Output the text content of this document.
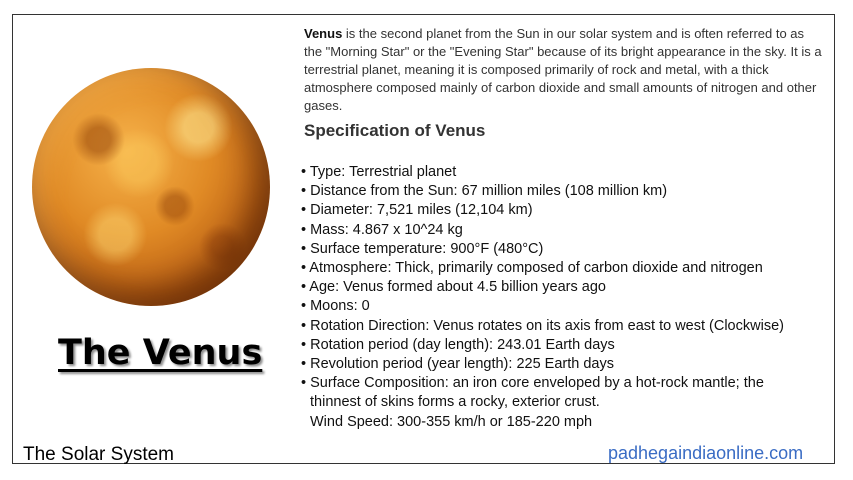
The Venus
Venus is the second planet from the Sun in our solar system and is often referred to as the "Morning Star" or the "Evening Star" because of its bright appearance in the sky. It is a terrestrial planet, meaning it is composed primarily of rock and metal, with a thick atmosphere composed mainly of carbon dioxide and small amounts of nitrogen and other gases.
Specification of Venus
• Type: Terrestrial planet
• Distance from the Sun: 67 million miles (108 million km)
• Diameter: 7,521 miles (12,104 km)
• Mass: 4.867 x 10^24 kg
• Surface temperature: 900°F (480°C)
• Atmosphere: Thick, primarily composed of carbon dioxide and nitrogen
• Age: Venus formed about 4.5 billion years ago
• Moons: 0
• Rotation Direction: Venus rotates on its axis from east to west (Clockwise)
• Rotation period (day length): 243.01 Earth days
• Revolution period (year length): 225 Earth days
• Surface Composition: an iron core enveloped by a hot-rock mantle; the
thinnest of skins forms a rocky, exterior crust.
Wind Speed: 300-355 km/h or 185-220 mph
The Solar System	padhegaindiaonline.com
